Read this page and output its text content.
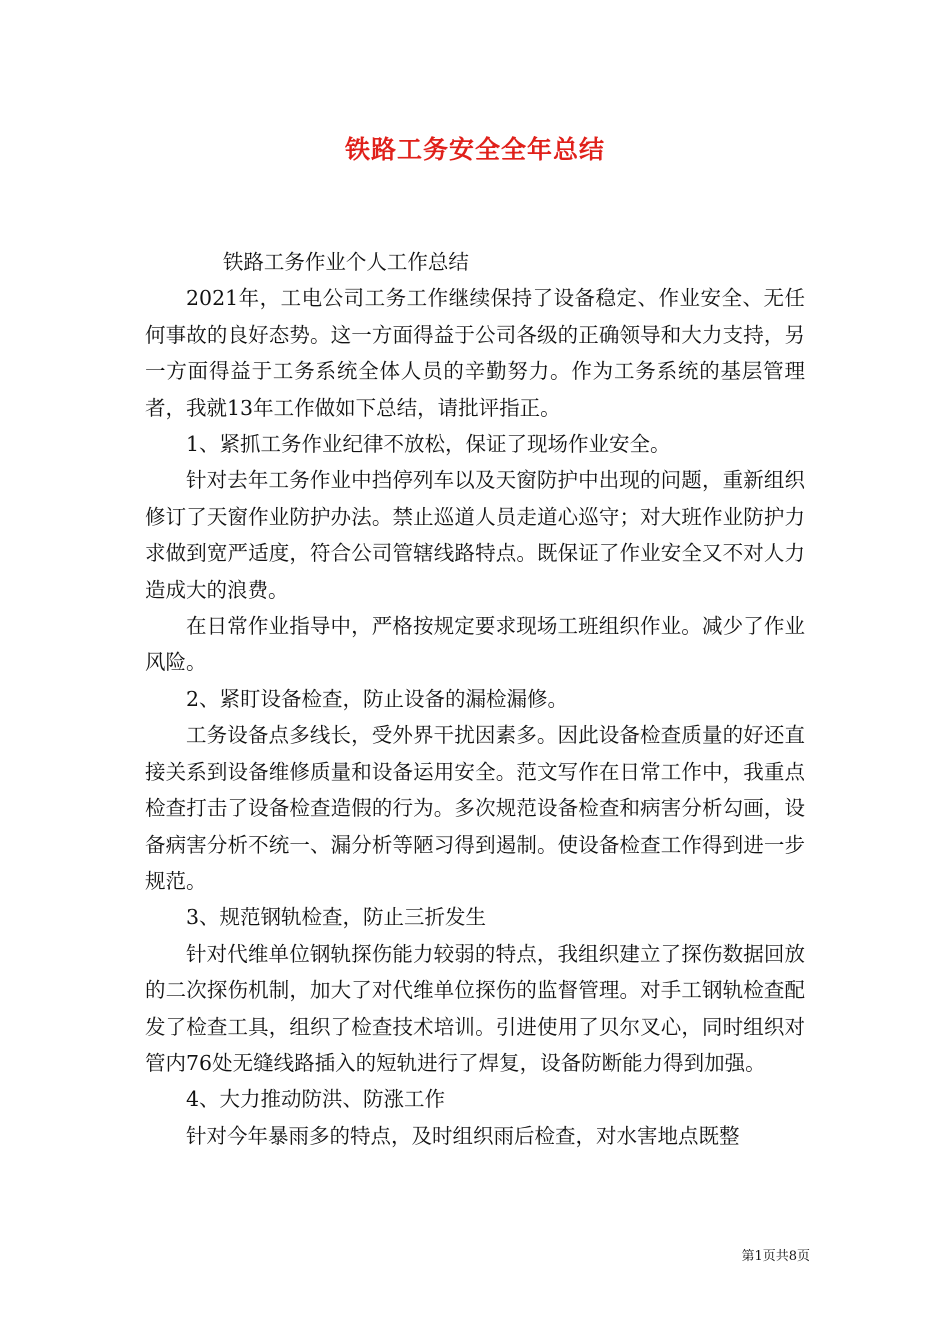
铁路工务安全全年总结

铁路工务作业个人工作总结

2021年，工电公司工务工作继续保持了设备稳定、作业安全、无任何事故的良好态势。这一方面得益于公司各级的正确领导和大力支持，另一方面得益于工务系统全体人员的辛勤努力。作为工务系统的基层管理者，我就13年工作做如下总结，请批评指正。

1、紧抓工务作业纪律不放松，保证了现场作业安全。

针对去年工务作业中挡停列车以及天窗防护中出现的问题，重新组织修订了天窗作业防护办法。禁止巡道人员走道心巡守；对大班作业防护力求做到宽严适度，符合公司管辖线路特点。既保证了作业安全又不对人力造成大的浪费。

在日常作业指导中，严格按规定要求现场工班组织作业。减少了作业风险。

2、紧盯设备检查，防止设备的漏检漏修。

工务设备点多线长，受外界干扰因素多。因此设备检查质量的好还直接关系到设备维修质量和设备运用安全。范文写作在日常工作中，我重点检查打击了设备检查造假的行为。多次规范设备检查和病害分析勾画，设备病害分析不统一、漏分析等陋习得到遏制。使设备检查工作得到进一步规范。

3、规范钢轨检查，防止三折发生

针对代维单位钢轨探伤能力较弱的特点，我组织建立了探伤数据回放的二次探伤机制，加大了对代维单位探伤的监督管理。对手工钢轨检查配发了检查工具，组织了检查技术培训。引进使用了贝尔叉心，同时组织对管内76处无缝线路插入的短轨进行了焊复，设备防断能力得到加强。

4、大力推动防洪、防涨工作

针对今年暴雨多的特点，及时组织雨后检查，对水害地点既整

第1页共8页
